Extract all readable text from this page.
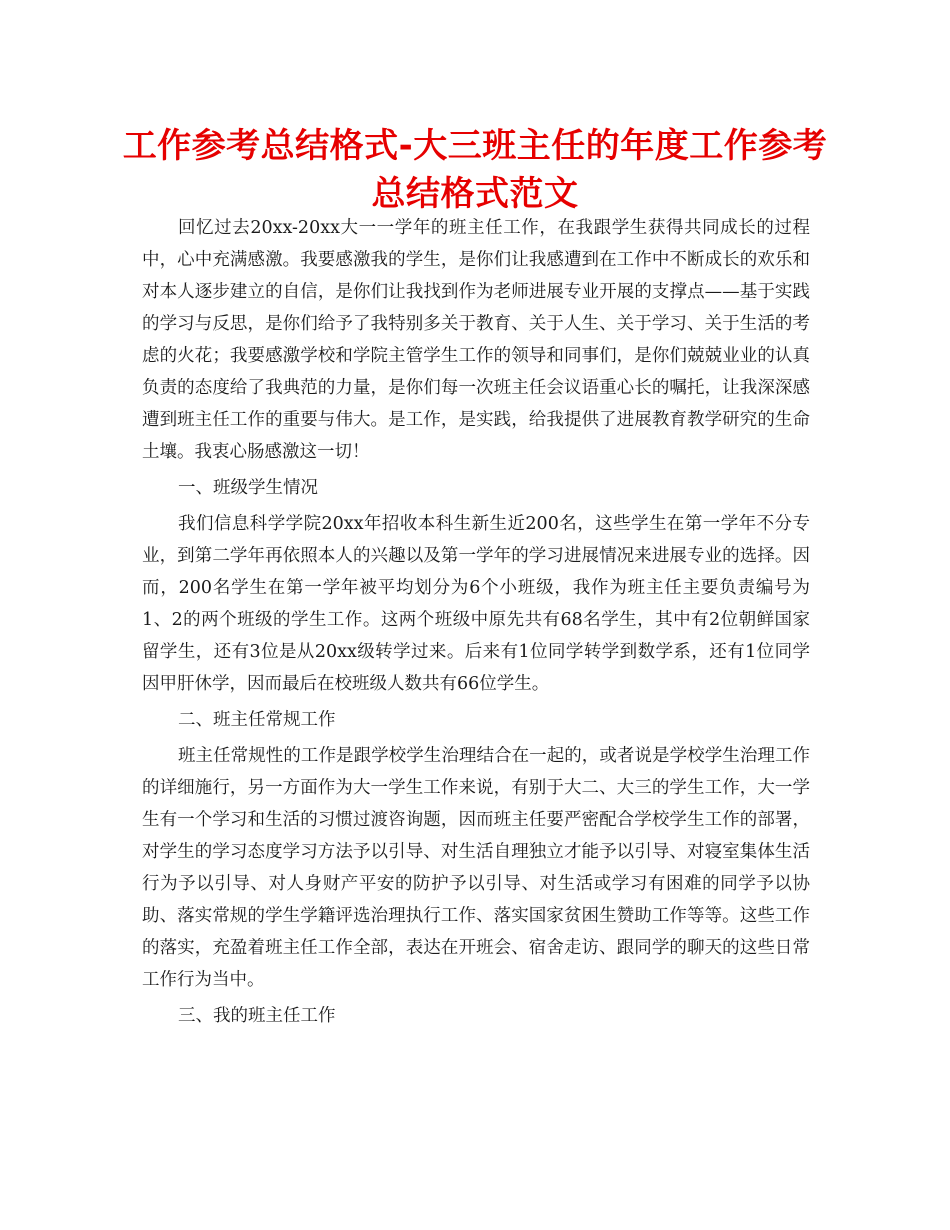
工作参考总结格式-大三班主任的年度工作参考总结格式范文

回忆过去20xx-20xx大一一学年的班主任工作，在我跟学生获得共同成长的过程中，心中充满感激。我要感激我的学生，是你们让我感遭到在工作中不断成长的欢乐和对本人逐步建立的自信，是你们让我找到作为老师进展专业开展的支撑点——基于实践的学习与反思，是你们给予了我特别多关于教育、关于人生、关于学习、关于生活的考虑的火花；我要感激学校和学院主管学生工作的领导和同事们，是你们兢兢业业的认真负责的态度给了我典范的力量，是你们每一次班主任会议语重心长的嘱托，让我深深感遭到班主任工作的重要与伟大。是工作，是实践，给我提供了进展教育教学研究的生命土壤。我衷心肠感激这一切！

一、班级学生情况

我们信息科学学院20xx年招收本科生新生近200名，这些学生在第一学年不分专业，到第二学年再依照本人的兴趣以及第一学年的学习进展情况来进展专业的选择。因而，200名学生在第一学年被平均划分为6个小班级，我作为班主任主要负责编号为1、2的两个班级的学生工作。这两个班级中原先共有68名学生，其中有2位朝鲜国家留学生，还有3位是从20xx级转学过来。后来有1位同学转学到数学系，还有1位同学因甲肝休学，因而最后在校班级人数共有66位学生。

二、班主任常规工作

班主任常规性的工作是跟学校学生治理结合在一起的，或者说是学校学生治理工作的详细施行，另一方面作为大一学生工作来说，有别于大二、大三的学生工作，大一学生有一个学习和生活的习惯过渡咨询题，因而班主任要严密配合学校学生工作的部署，对学生的学习态度学习方法予以引导、对生活自理独立才能予以引导、对寝室集体生活行为予以引导、对人身财产平安的防护予以引导、对生活或学习有困难的同学予以协助、落实常规的学生学籍评选治理执行工作、落实国家贫困生赞助工作等等。这些工作的落实，充盈着班主任工作全部，表达在开班会、宿舍走访、跟同学的聊天的这些日常工作行为当中。

三、我的班主任工作
